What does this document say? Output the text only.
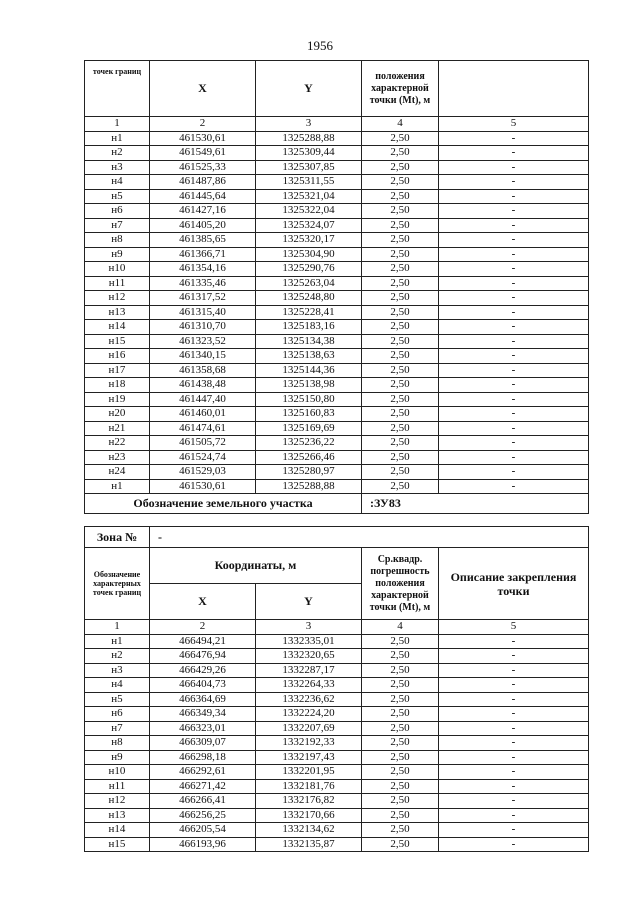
1956
точек границ	X	Y	положения характерной точки (Mt), м	
1	2	3	4	5
н1	461530,61	1325288,88	2,50	-
н2	461549,61	1325309,44	2,50	-
н3	461525,33	1325307,85	2,50	-
н4	461487,86	1325311,55	2,50	-
н5	461445,64	1325321,04	2,50	-
н6	461427,16	1325322,04	2,50	-
н7	461405,20	1325324,07	2,50	-
н8	461385,65	1325320,17	2,50	-
н9	461366,71	1325304,90	2,50	-
н10	461354,16	1325290,76	2,50	-
н11	461335,46	1325263,04	2,50	-
н12	461317,52	1325248,80	2,50	-
н13	461315,40	1325228,41	2,50	-
н14	461310,70	1325183,16	2,50	-
н15	461323,52	1325134,38	2,50	-
н16	461340,15	1325138,63	2,50	-
н17	461358,68	1325144,36	2,50	-
н18	461438,48	1325138,98	2,50	-
н19	461447,40	1325150,80	2,50	-
н20	461460,01	1325160,83	2,50	-
н21	461474,61	1325169,69	2,50	-
н22	461505,72	1325236,22	2,50	-
н23	461524,74	1325266,46	2,50	-
н24	461529,03	1325280,97	2,50	-
н1	461530,61	1325288,88	2,50	-
Обозначение земельного участка	:ЗУ83

Зона №	-
Обозначение характерных точек границ	Координаты, м		Ср.квадр. погрешность положения характерной точки (Mt), м	Описание закрепления точки
	X	Y		
1	2	3	4	5
н1	466494,21	1332335,01	2,50	-
н2	466476,94	1332320,65	2,50	-
н3	466429,26	1332287,17	2,50	-
н4	466404,73	1332264,33	2,50	-
н5	466364,69	1332236,62	2,50	-
н6	466349,34	1332224,20	2,50	-
н7	466323,01	1332207,69	2,50	-
н8	466309,07	1332192,33	2,50	-
н9	466298,18	1332197,43	2,50	-
н10	466292,61	1332201,95	2,50	-
н11	466271,42	1332181,76	2,50	-
н12	466266,41	1332176,82	2,50	-
н13	466256,25	1332170,66	2,50	-
н14	466205,54	1332134,62	2,50	-
н15	466193,96	1332135,87	2,50	-
